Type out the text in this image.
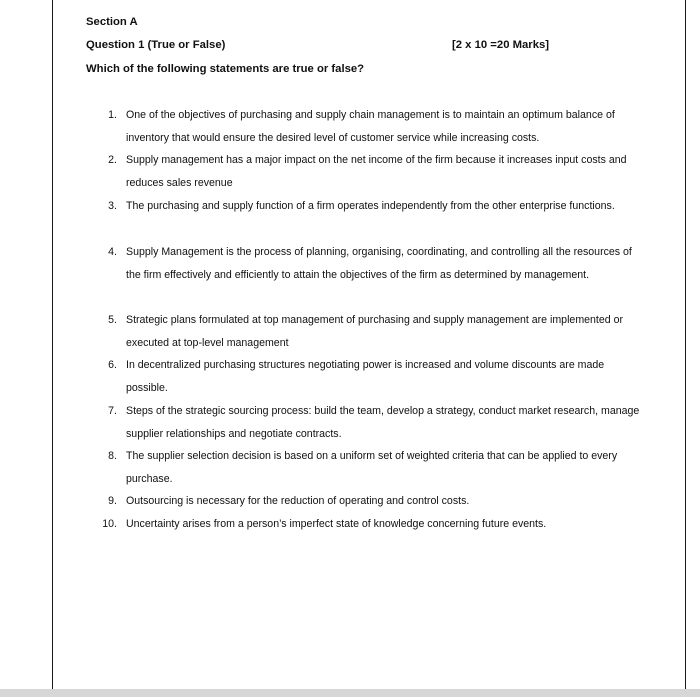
Section A
Question 1 (True or False)	[2 x 10 =20 Marks]
Which of the following statements are true or false?
1. One of the objectives of purchasing and supply chain management is to maintain an optimum balance of inventory that would ensure the desired level of customer service while increasing costs.
2. Supply management has a major impact on the net income of the firm because it increases input costs and reduces sales revenue
3. The purchasing and supply function of a firm operates independently from the other enterprise functions.
4. Supply Management is the process of planning, organising, coordinating, and controlling all the resources of the firm effectively and efficiently to attain the objectives of the firm as determined by management.
5. Strategic plans formulated at top management of purchasing and supply management are implemented or executed at top-level management
6. In decentralized purchasing structures negotiating power is increased and volume discounts are made possible.
7. Steps of the strategic sourcing process: build the team, develop a strategy, conduct market research, manage supplier relationships and negotiate contracts.
8. The supplier selection decision is based on a uniform set of weighted criteria that can be applied to every purchase.
9. Outsourcing is necessary for the reduction of operating and control costs.
10. Uncertainty arises from a person’s imperfect state of knowledge concerning future events.
